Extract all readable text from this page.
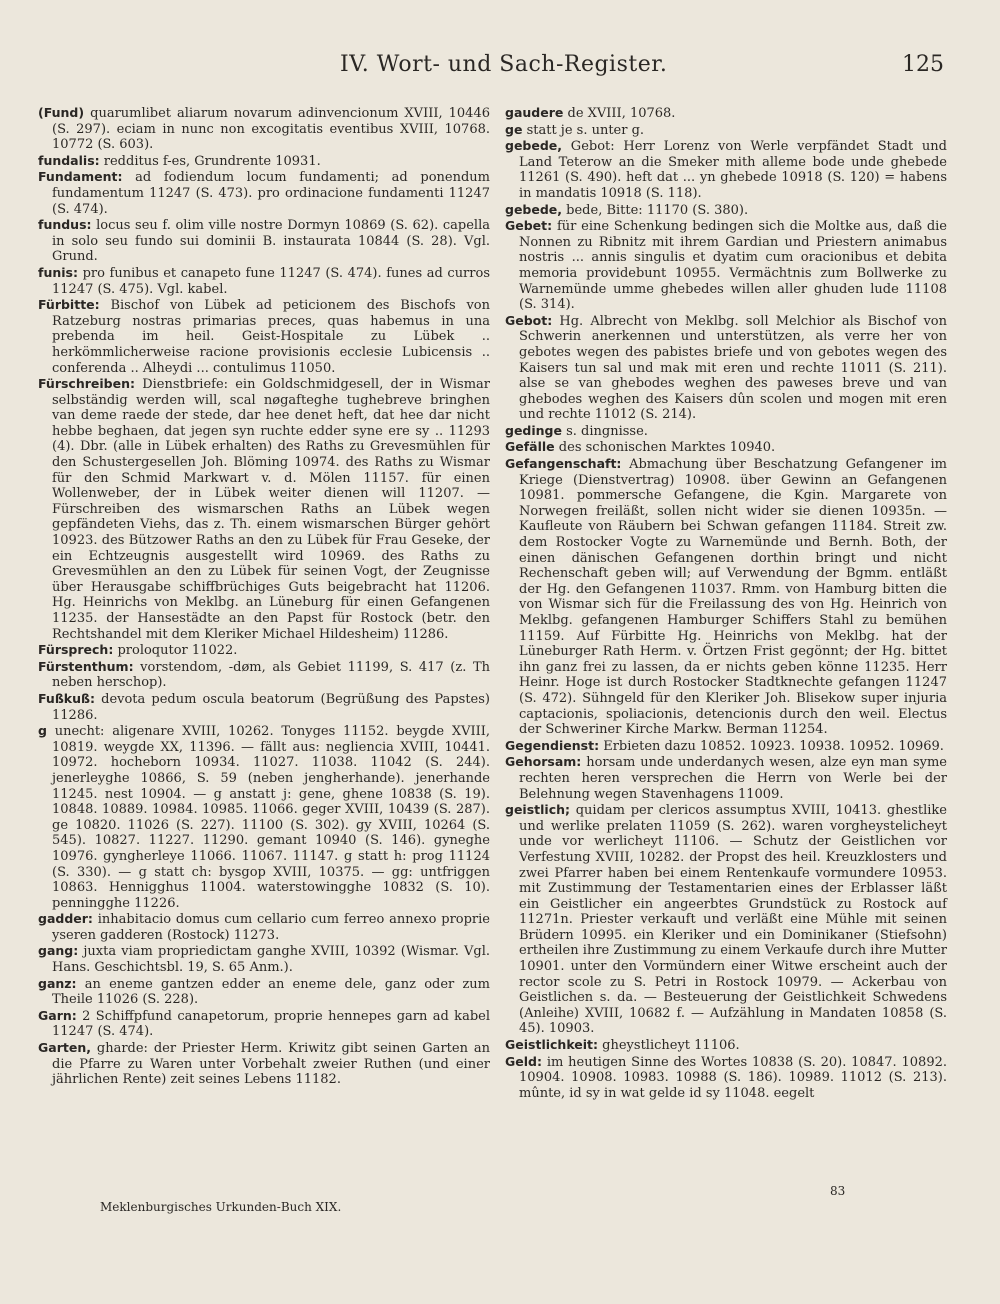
IV. Wort- und Sach-Register.	125

(Fund) quarumlibet aliarum novarum adinvencionum XVIII, 10446 (S. 297). eciam in nunc non excogitatis eventibus XVIII, 10768. 10772 (S. 603).

fundalis: redditus f-es, Grundrente 10931.

Fundament: ad fodiendum locum fundamenti; ad ponendum fundamentum 11247 (S. 473). pro ordinacione fundamenti 11247 (S. 474).

fundus: locus seu f. olim ville nostre Dormyn 10869 (S. 62). capella in solo seu fundo sui dominii B. instaurata 10844 (S. 28). Vgl. Grund.

funis: pro funibus et canapeto fune 11247 (S. 474). funes ad curros 11247 (S. 475). Vgl. kabel.

Fürbitte: Bischof von Lübek ad peticionem des Bischofs von Ratzeburg nostras primarias preces, quas habemus in una prebenda im heil. Geist-Hospitale zu Lübek .. herkömmlicherweise racione provisionis ecclesie Lubicensis .. conferenda .. Alheydi ... contulimus 11050.

Fürschreiben: Dienstbriefe: ein Goldschmidgesell, der in Wismar selbständig werden will, scal nøgafteghe tughebreve bringhen van deme raede der stede, dar hee denet heft, dat hee dar nicht hebbe beghaen, dat jegen syn ruchte edder syne ere sy .. 11293 (4). Dbr. (alle in Lübek erhalten) des Raths zu Grevesmühlen für den Schustergesellen Joh. Blöming 10974. des Raths zu Wismar für den Schmid Markwart v. d. Mölen 11157. für einen Wollenweber, der in Lübek weiter dienen will 11207. — Fürschreiben des wismarschen Raths an Lübek wegen gepfändeten Viehs, das z. Th. einem wismarschen Bürger gehört 10923. des Bützower Raths an den zu Lübek für Frau Geseke, der ein Echtzeugnis ausgestellt wird 10969. des Raths zu Grevesmühlen an den zu Lübek für seinen Vogt, der Zeugnisse über Herausgabe schiffbrüchiges Guts beigebracht hat 11206. Hg. Heinrichs von Meklbg. an Lüneburg für einen Gefangenen 11235. der Hansestädte an den Papst für Rostock (betr. den Rechtshandel mit dem Kleriker Michael Hildesheim) 11286.

Fürsprech: proloqutor 11022.

Fürstenthum: vorstendom, -døm, als Gebiet 11199, S. 417 (z. Th neben herschop).

Fußkuß: devota pedum oscula beatorum (Begrüßung des Papstes) 11286.

g unecht: aligenare XVIII, 10262. Tonyges 11152. beygde XVIII, 10819. weygde XX, 11396. — fällt aus: negliencia XVIII, 10441. 10972. hocheborn 10934. 11027. 11038. 11042 (S. 244). jenerleyghe 10866, S. 59 (neben jengherhande). jenerhande 11245. nest 10904. — g anstatt j: gene, ghene 10838 (S. 19). 10848. 10889. 10984. 10985. 11066. geger XVIII, 10439 (S. 287). ge 10820. 11026 (S. 227). 11100 (S. 302). gy XVIII, 10264 (S. 545). 10827. 11227. 11290. gemant 10940 (S. 146). gyneghe 10976. gyngherleye 11066. 11067. 11147. g statt h: prog 11124 (S. 330). — g statt ch: bysgop XVIII, 10375. — gg: untfriggen 10863. Hennigghus 11004. waterstowingghe 10832 (S. 10). penningghe 11226.

gadder: inhabitacio domus cum cellario cum ferreo annexo proprie yseren gadderen (Rostock) 11273.

gang: juxta viam propriedictam ganghe XVIII, 10392 (Wismar. Vgl. Hans. Geschichtsbl. 19, S. 65 Anm.).

ganz: an eneme gantzen edder an eneme dele, ganz oder zum Theile 11026 (S. 228).

Garn: 2 Schiffpfund canapetorum, proprie hennepes garn ad kabel 11247 (S. 474).

Garten, gharde: der Priester Herm. Kriwitz gibt seinen Garten an die Pfarre zu Waren unter Vorbehalt zweier Ruthen (und einer jährlichen Rente) zeit seines Lebens 11182.

gaudere de XVIII, 10768.

ge statt je s. unter g.

gebede, Gebot: Herr Lorenz von Werle verpfändet Stadt und Land Teterow an die Smeker mith alleme bode unde ghebede 11261 (S. 490). heft dat ... yn ghebede 10918 (S. 120) = habens in mandatis 10918 (S. 118).

gebede, bede, Bitte: 11170 (S. 380).

Gebet: für eine Schenkung bedingen sich die Moltke aus, daß die Nonnen zu Ribnitz mit ihrem Gardian und Priestern animabus nostris ... annis singulis et dyatim cum oracionibus et debita memoria providebunt 10955. Vermächtnis zum Bollwerke zu Warnemünde umme ghebedes willen aller ghuden lude 11108 (S. 314).

Gebot: Hg. Albrecht von Meklbg. soll Melchior als Bischof von Schwerin anerkennen und unterstützen, als verre her von gebotes wegen des pabistes briefe und von gebotes wegen des Kaisers tun sal und mak mit eren und rechte 11011 (S. 211). alse se van ghebodes weghen des paweses breve und van ghebodes weghen des Kaisers dûn scolen und mogen mit eren und rechte 11012 (S. 214).

gedinge s. dingnisse.

Gefälle des schonischen Marktes 10940.

Gefangenschaft: Abmachung über Beschatzung Gefangener im Kriege (Dienstvertrag) 10908. über Gewinn an Gefangenen 10981. pommersche Gefangene, die Kgin. Margarete von Norwegen freiläßt, sollen nicht wider sie dienen 10935n. — Kaufleute von Räubern bei Schwan gefangen 11184. Streit zw. dem Rostocker Vogte zu Warnemünde und Bernh. Both, der einen dänischen Gefangenen dorthin bringt und nicht Rechenschaft geben will; auf Verwendung der Bgmm. entläßt der Hg. den Gefangenen 11037. Rmm. von Hamburg bitten die von Wismar sich für die Freilassung des von Hg. Heinrich von Meklbg. gefangenen Hamburger Schiffers Stahl zu bemühen 11159. Auf Fürbitte Hg. Heinrichs von Meklbg. hat der Lüneburger Rath Herm. v. Örtzen Frist gegönnt; der Hg. bittet ihn ganz frei zu lassen, da er nichts geben könne 11235. Herr Heinr. Hoge ist durch Rostocker Stadtknechte gefangen 11247 (S. 472). Sühngeld für den Kleriker Joh. Blisekow super injuria captacionis, spoliacionis, detencionis durch den weil. Electus der Schweriner Kirche Markw. Berman 11254.

Gegendienst: Erbieten dazu 10852. 10923. 10938. 10952. 10969.

Gehorsam: horsam unde underdanych wesen, alze eyn man syme rechten heren versprechen die Herrn von Werle bei der Belehnung wegen Stavenhagens 11009.

geistlich; quidam per clericos assumptus XVIII, 10413. ghestlike und werlike prelaten 11059 (S. 262). waren vorgheystelicheyt unde vor werlicheyt 11106. — Schutz der Geistlichen vor Verfestung XVIII, 10282. der Propst des heil. Kreuzklosters und zwei Pfarrer haben bei einem Rentenkaufe vormundere 10953. mit Zustimmung der Testamentarien eines der Erblasser läßt ein Geistlicher ein angeerbtes Grundstück zu Rostock auf 11271n. Priester verkauft und verläßt eine Mühle mit seinen Brüdern 10995. ein Kleriker und ein Dominikaner (Stiefsohn) ertheilen ihre Zustimmung zu einem Verkaufe durch ihre Mutter 10901. unter den Vormündern einer Witwe erscheint auch der rector scole zu S. Petri in Rostock 10979. — Ackerbau von Geistlichen s. da. — Besteuerung der Geistlichkeit Schwedens (Anleihe) XVIII, 10682 f. — Aufzählung in Mandaten 10858 (S. 45). 10903.

Geistlichkeit: gheystlicheyt 11106.

Geld: im heutigen Sinne des Wortes 10838 (S. 20). 10847. 10892. 10904. 10908. 10983. 10988 (S. 186). 10989. 11012 (S. 213). mûnte, id sy in wat gelde id sy 11048. eegelt

83
Meklenburgisches Urkunden-Buch XIX.
